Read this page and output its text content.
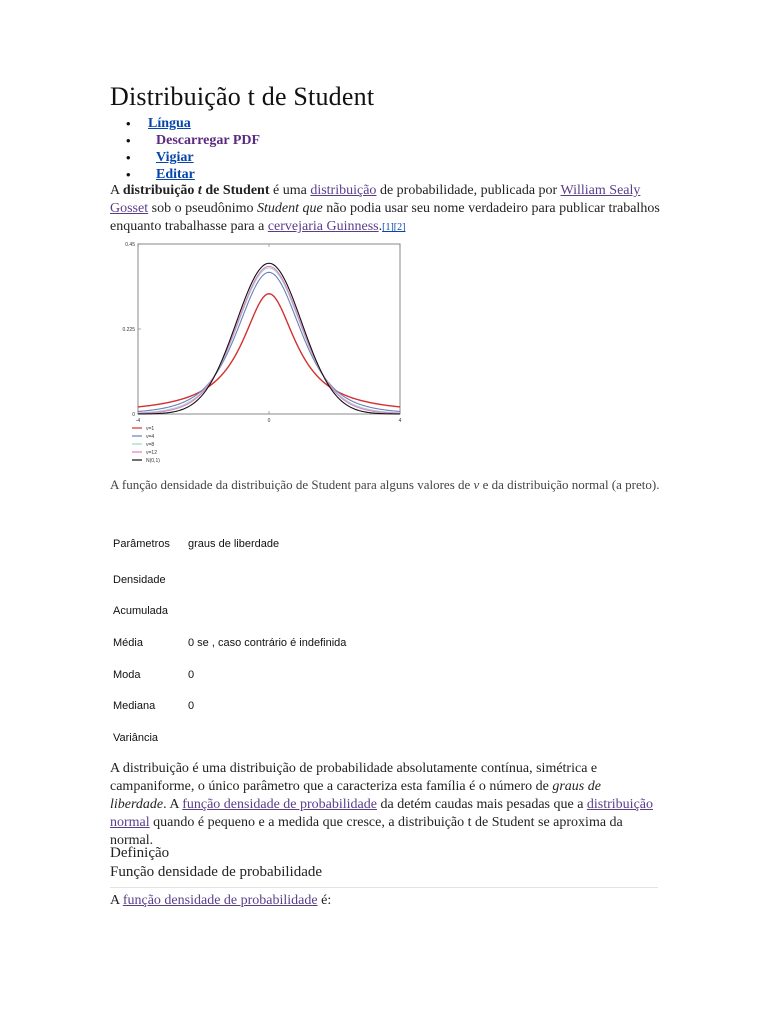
Distribuição t de Student
• Língua
• Descarregar PDF
• Vigiar
• Editar

A distribuição t de Student é uma distribuição de probabilidade, publicada por William Sealy Gosset sob o pseudônimo Student que não podia usar seu nome verdadeiro para publicar trabalhos enquanto trabalhasse para a cervejaria Guinness.[1][2]

0.45
0.225
0
-4	0	4
ν=1
ν=4
ν=8
ν=12
N(0,1)
A função densidade da distribuição de Student para alguns valores de ν e da distribuição normal (a preto).
Parâmetros graus de liberdade
Densidade
Acumulada
Média	0 se , caso contrário é indefinida
Moda	0
Mediana	0
Variância

A distribuição é uma distribuição de probabilidade absolutamente contínua, simétrica e campaniforme, o único parâmetro que a caracteriza esta família é o número de graus de liberdade. A função densidade de probabilidade da detém caudas mais pesadas que a distribuição normal quando é pequeno e a medida que cresce, a distribuição t de Student se aproxima da normal.

Definição
Função densidade de probabilidade

A função densidade de probabilidade é:
